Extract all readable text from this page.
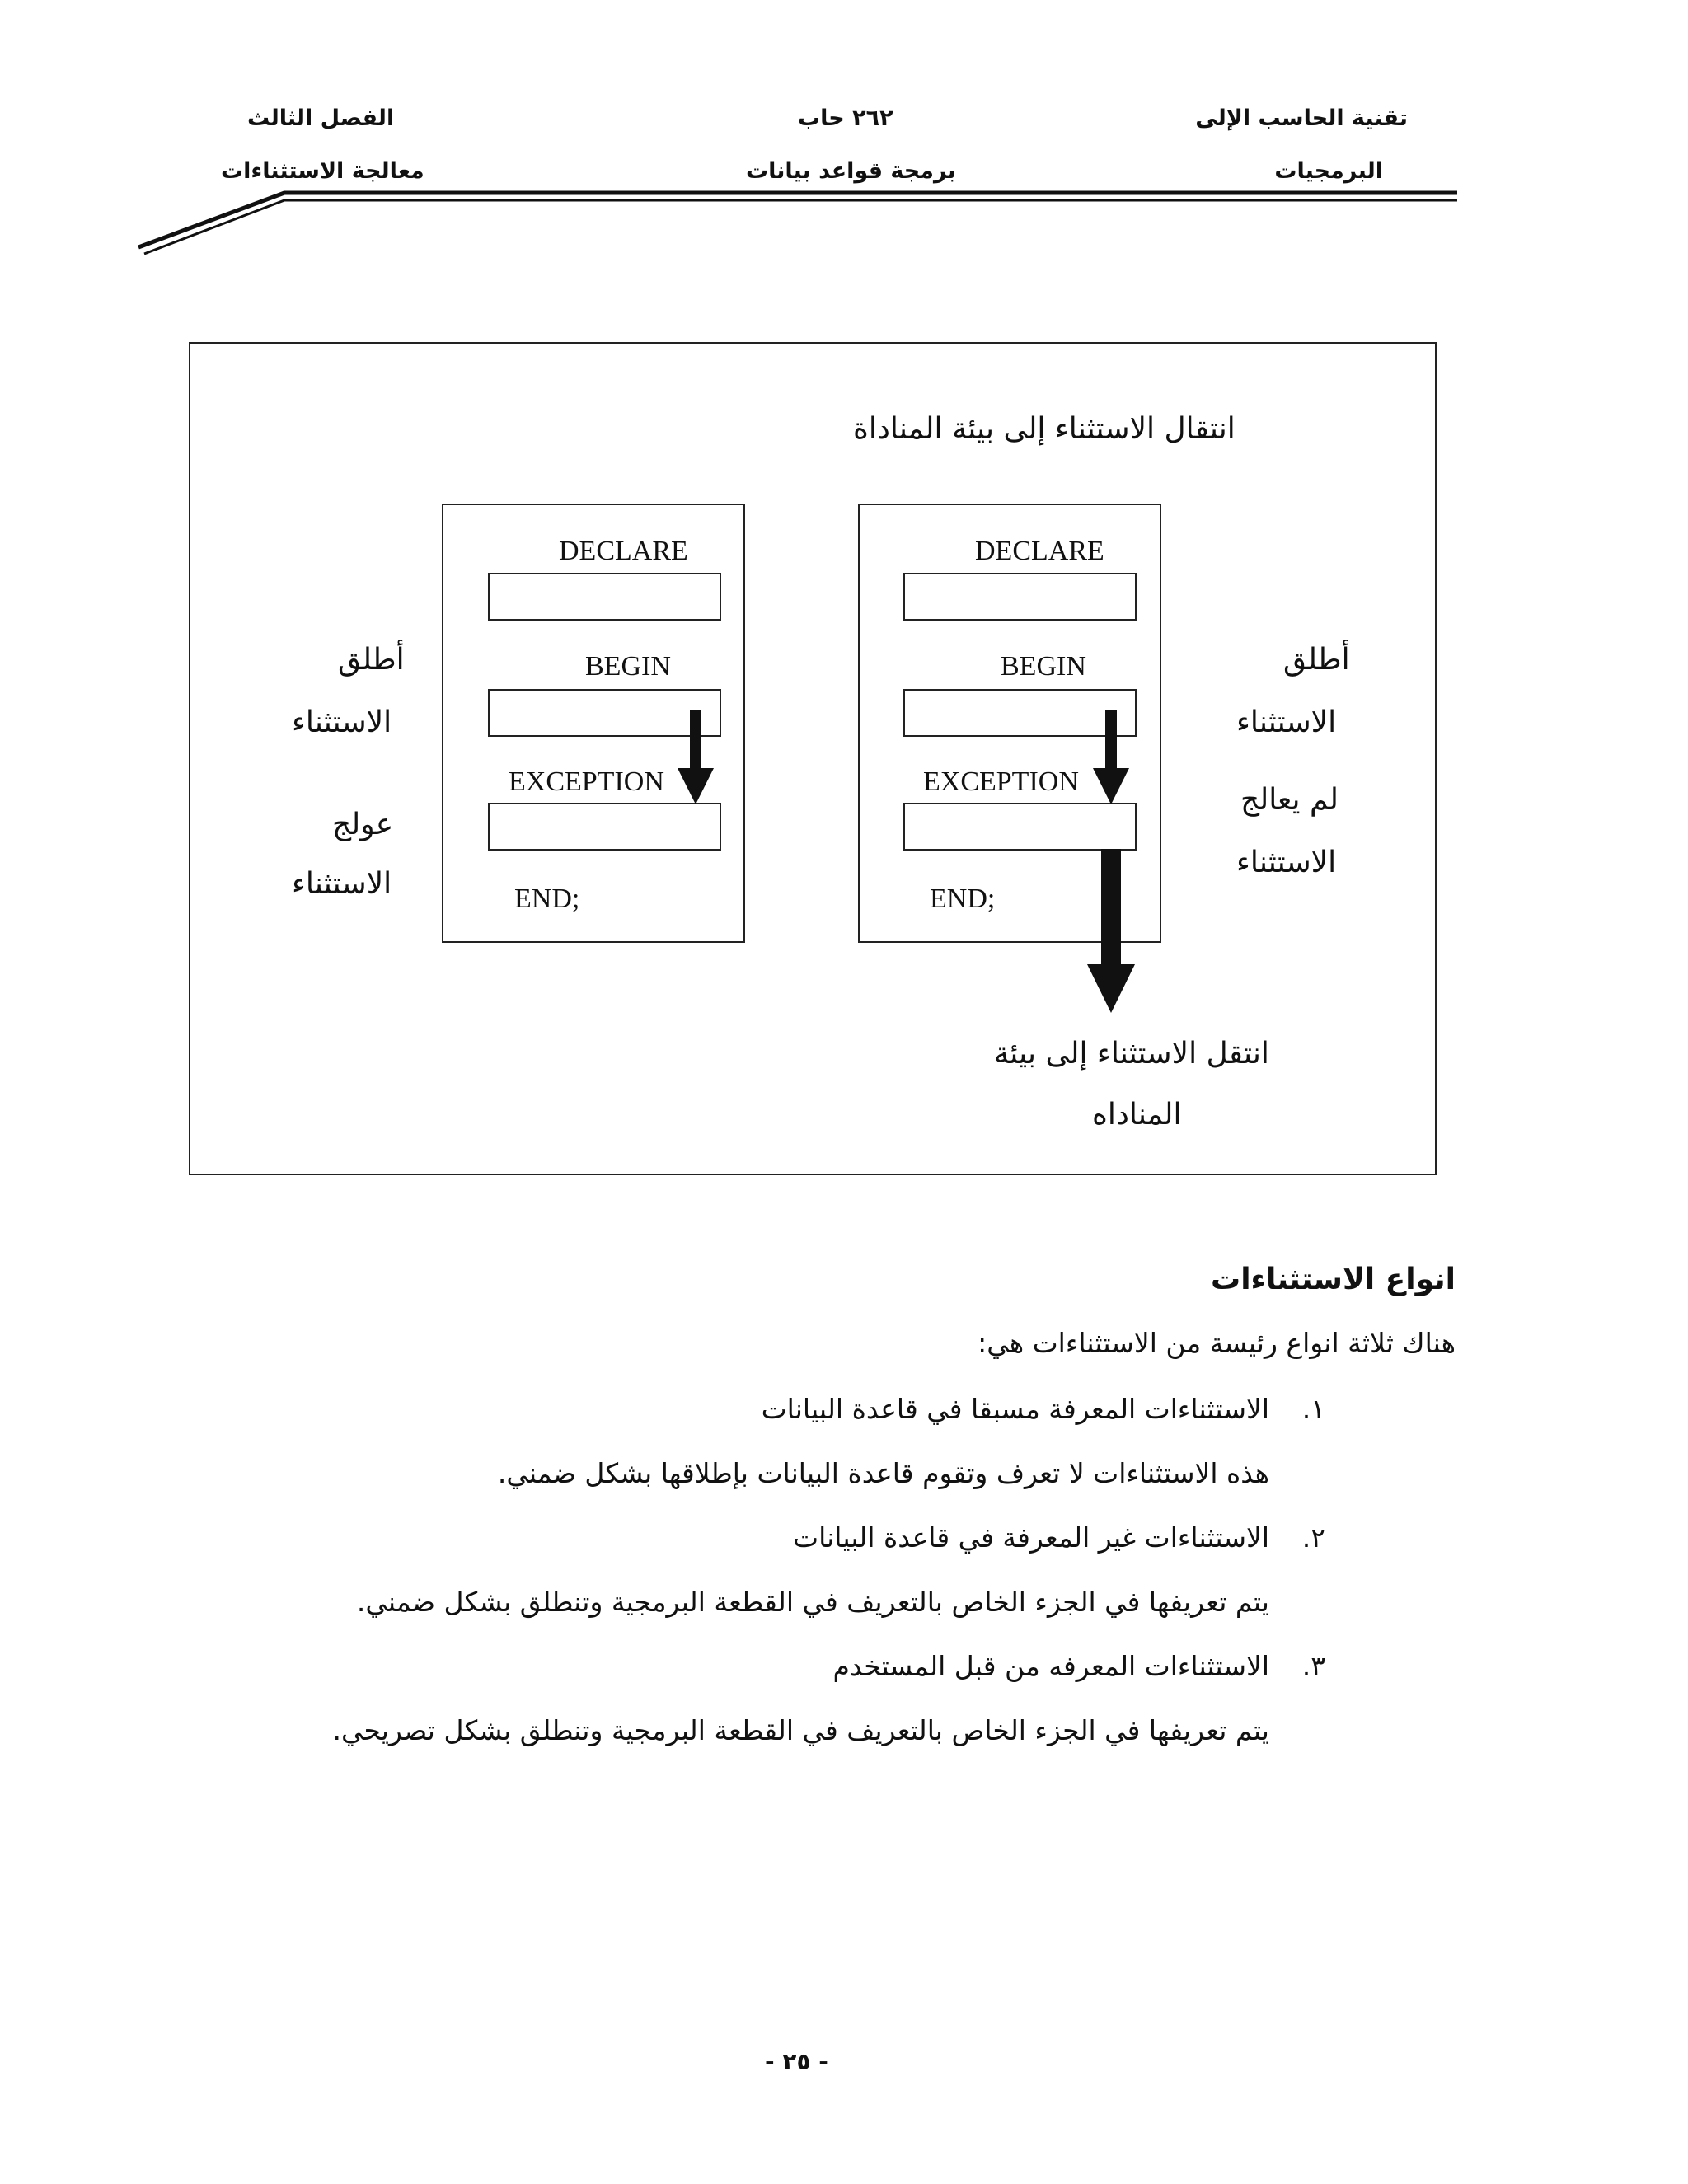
تقنية الحاسب الإلى
البرمجيات
٢٦٢ حاب
برمجة قواعد بيانات
الفصل الثالث
معالجة الاستثناءات
انتقال الاستثناء إلى بيئة المناداة
DECLARE
BEGIN
EXCEPTION
END;
DECLARE
BEGIN
EXCEPTION
END;
أطلق
الاستثناء
عولج
الاستثناء
أطلق
الاستثناء
لم يعالج
الاستثناء
انتقل الاستثناء إلى بيئة
المناداه
انواع الاستثناءات
هناك ثلاثة انواع رئيسة من الاستثناءات هي:
١.
الاستثناءات المعرفة مسبقا في قاعدة البيانات
هذه الاستثناءات لا تعرف وتقوم قاعدة البيانات بإطلاقها بشكل ضمني.
٢.
الاستثناءات غير المعرفة في قاعدة البيانات
يتم تعريفها في الجزء الخاص بالتعريف في القطعة البرمجية وتنطلق بشكل ضمني.
٣.
الاستثناءات المعرفه من قبل المستخدم
يتم تعريفها في الجزء الخاص بالتعريف في القطعة البرمجية وتنطلق بشكل تصريحي.
- ٢٥ -
